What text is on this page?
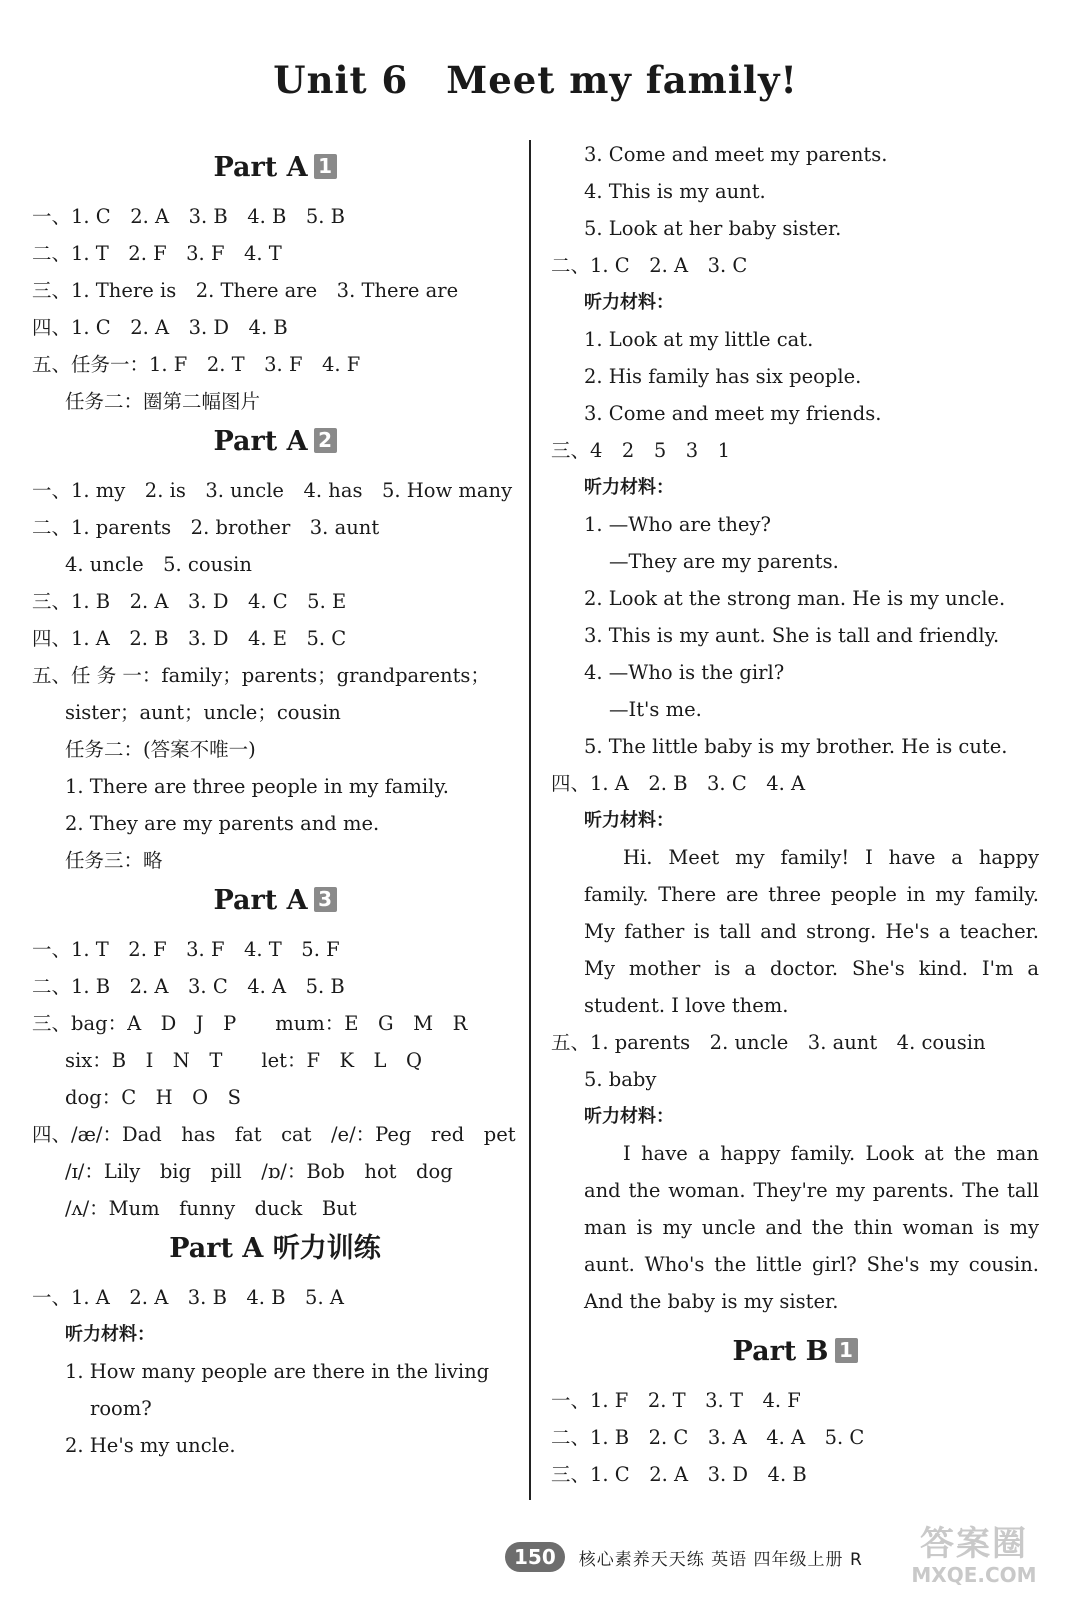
Unit 6 Meet my family!
Part A 1
一、1. C　2. A　3. B　4. B　5. B
二、1. T　2. F　3. F　4. T
三、1. There is　2. There are　3. There are
四、1. C　2. A　3. D　4. B
五、任务一：1. F　2. T　3. F　4. F
任务二：圈第二幅图片
Part A 2
一、1. my　2. is　3. uncle　4. has　5. How many
二、1. parents　2. brother　3. aunt
4. uncle　5. cousin
三、1. B　2. A　3. D　4. C　5. E
四、1. A　2. B　3. D　4. E　5. C
五、任 务 一：family；parents；grandparents；
sister；aunt；uncle；cousin
任务二：(答案不唯一)
1. There are three people in my family.
2. They are my parents and me.
任务三：略
Part A 3
一、1. T　2. F　3. F　4. T　5. F
二、1. B　2. A　3. C　4. A　5. B
三、bag：A　D　J　P　　mum：E　G　M　R
six：B　I　N　T　　let：F　K　L　Q
dog：C　H　O　S
四、/æ/：Dad　has　fat　cat　/e/：Peg　red　pet
/ɪ/：Lily　big　pill　/ɒ/：Bob　hot　dog
/ʌ/：Mum　funny　duck　But
Part A 听力训练
一、1. A　2. A　3. B　4. B　5. A
听力材料：
1. How many people are there in the living
room?
2. He's my uncle.
3. Come and meet my parents.
4. This is my aunt.
5. Look at her baby sister.
二、1. C　2. A　3. C
听力材料：
1. Look at my little cat.
2. His family has six people.
3. Come and meet my friends.
三、4　2　5　3　1
听力材料：
1. —Who are they?
—They are my parents.
2. Look at the strong man. He is my uncle.
3. This is my aunt. She is tall and friendly.
4. —Who is the girl?
—It's me.
5. The little baby is my brother. He is cute.
四、1. A　2. B　3. C　4. A
听力材料：
Hi. Meet my family! I have a happy family. There are three people in my family. My father is tall and strong. He's a teacher. My mother is a doctor. She's kind. I'm a student. I love them.
五、1. parents　2. uncle　3. aunt　4. cousin
5. baby
听力材料：
I have a happy family. Look at the man and the woman. They're my parents. The tall man is my uncle and the thin woman is my aunt. Who's the little girl? She's my cousin. And the baby is my sister.
Part B 1
一、1. F　2. T　3. T　4. F
二、1. B　2. C　3. A　4. A　5. C
三、1. C　2. A　3. D　4. B
150	核心素养天天练 英语 四年级上册 R	答案圈
MXQE.COM
